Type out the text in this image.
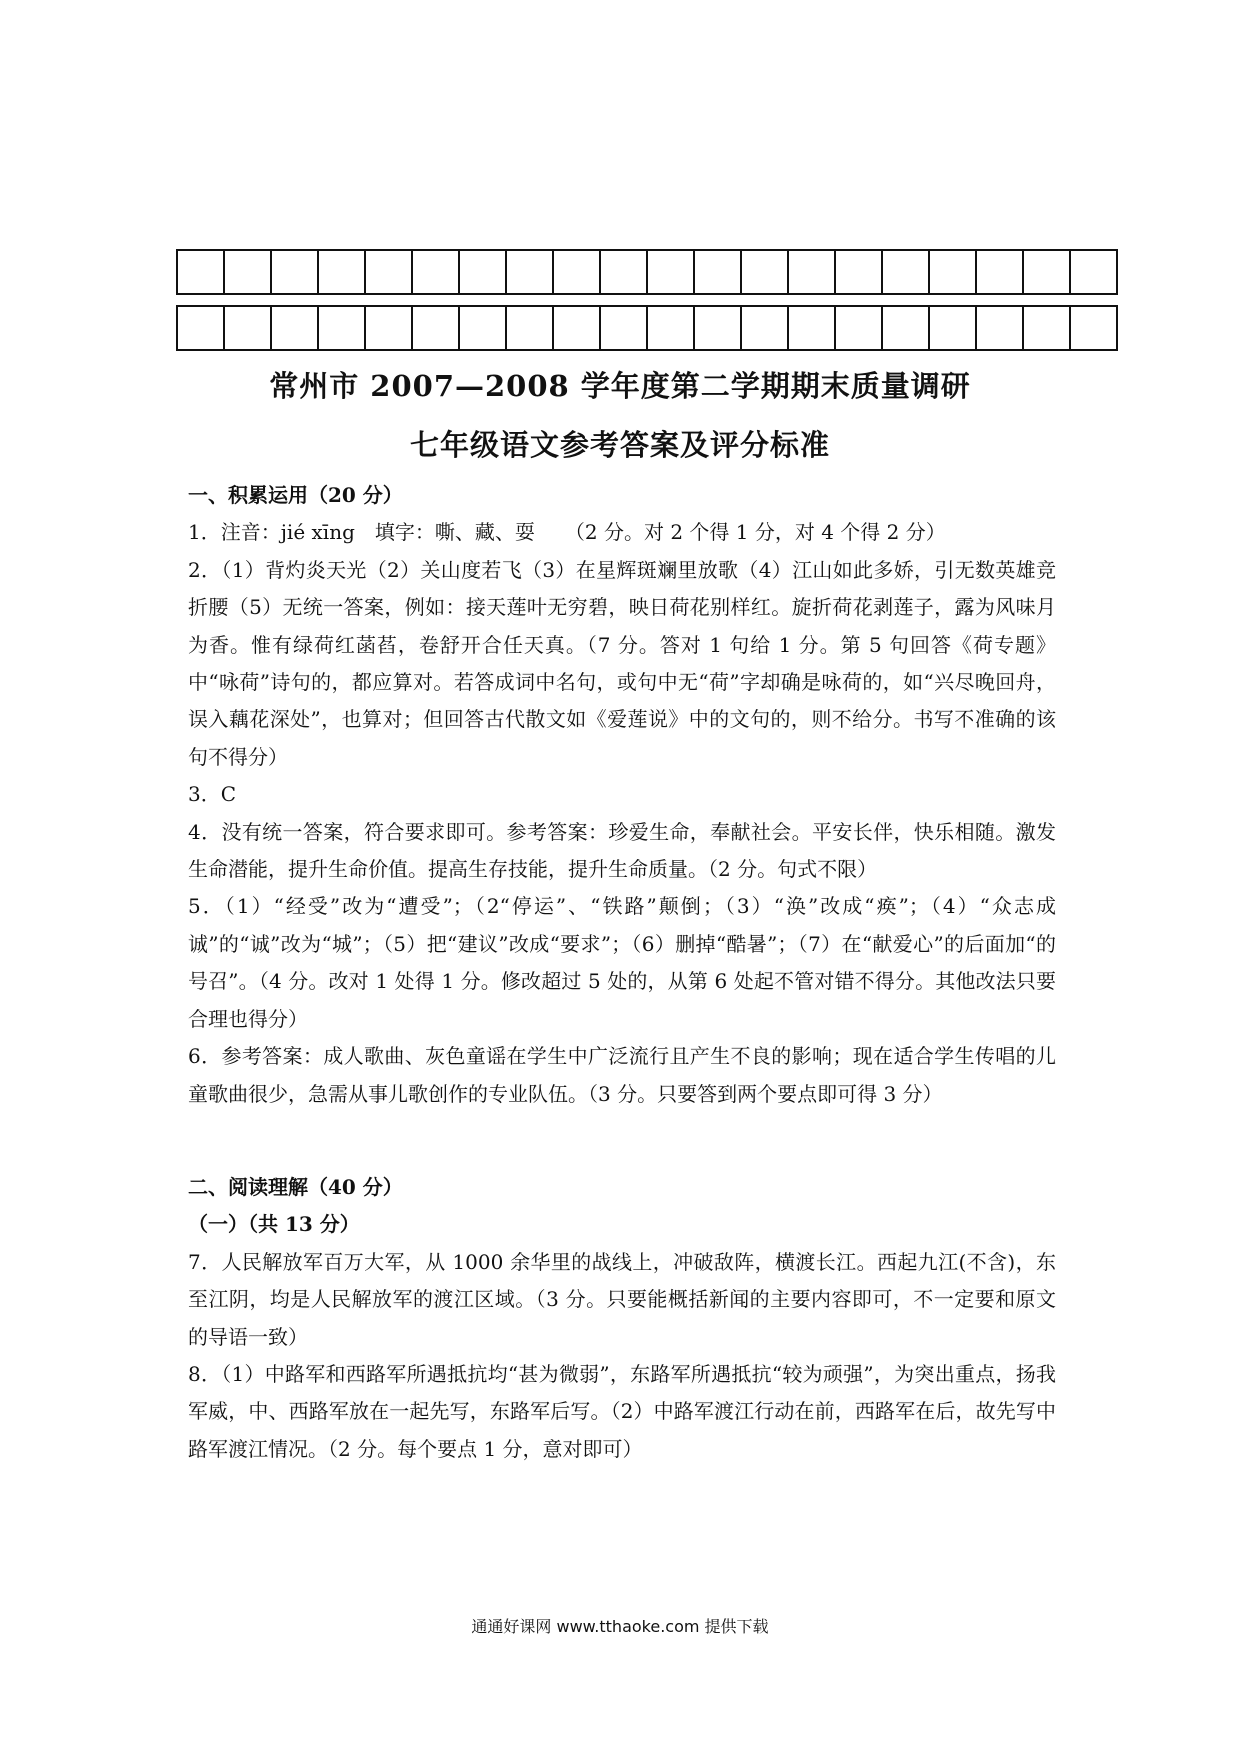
常州市 2007—2008 学年度第二学期期末质量调研
七年级语文参考答案及评分标准

一、积累运用（20 分）

1．注音：jié xīng　填字：嘶、藏、耍　　（2 分。对 2 个得 1 分，对 4 个得 2 分）

2．（1）背灼炎天光（2）关山度若飞（3）在星辉斑斓里放歌（4）江山如此多娇，引无数英雄竞折腰（5）无统一答案，例如：接天莲叶无穷碧，映日荷花别样红。旋折荷花剥莲子，露为风味月为香。惟有绿荷红菡萏，卷舒开合任天真。（7 分。答对 1 句给 1 分。第 5 句回答《荷专题》中“咏荷”诗句的，都应算对。若答成词中名句，或句中无“荷”字却确是咏荷的，如“兴尽晚回舟，误入藕花深处”，也算对；但回答古代散文如《爱莲说》中的文句的，则不给分。书写不准确的该句不得分）

3．C

4．没有统一答案，符合要求即可。参考答案：珍爱生命，奉献社会。平安长伴，快乐相随。激发生命潜能，提升生命价值。提高生存技能，提升生命质量。（2 分。句式不限）

5．（1）“经受”改为“遭受”；（2“停运”、“铁路”颠倒；（3）“涣”改成“痪”；（4）“众志成诚”的“诚”改为“城”；（5）把“建议”改成“要求”；（6）删掉“酷暑”；（7）在“献爱心”的后面加“的号召”。（4 分。改对 1 处得 1 分。修改超过 5 处的，从第 6 处起不管对错不得分。其他改法只要合理也得分）

6．参考答案：成人歌曲、灰色童谣在学生中广泛流行且产生不良的影响；现在适合学生传唱的儿童歌曲很少，急需从事儿歌创作的专业队伍。（3 分。只要答到两个要点即可得 3 分）

二、阅读理解（40 分）

（一）（共 13 分）

7．人民解放军百万大军，从 1000 余华里的战线上，冲破敌阵，横渡长江。西起九江(不含)，东至江阴，均是人民解放军的渡江区域。（3 分。只要能概括新闻的主要内容即可，不一定要和原文的导语一致）

8．（1）中路军和西路军所遇抵抗均“甚为微弱”，东路军所遇抵抗“较为顽强”，为突出重点，扬我军威，中、西路军放在一起先写，东路军后写。（2）中路军渡江行动在前，西路军在后，故先写中路军渡江情况。（2 分。每个要点 1 分，意对即可）

通通好课网 www.tthaoke.com 提供下载
